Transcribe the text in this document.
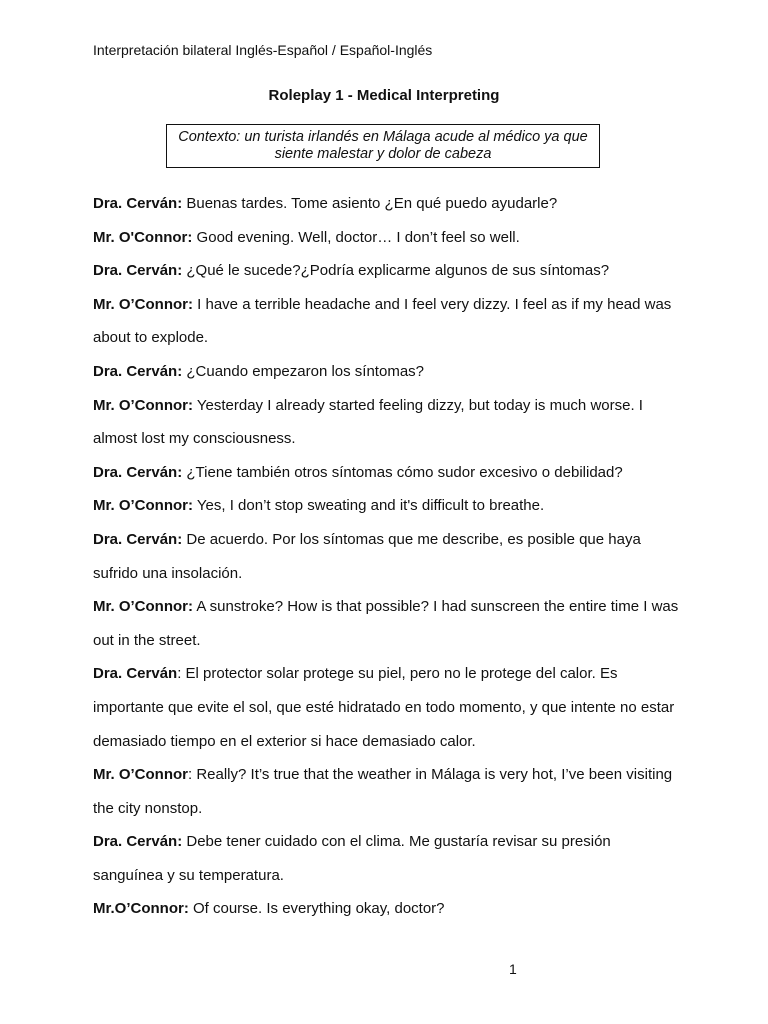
Interpretación bilateral Inglés-Español / Español-Inglés
Roleplay 1 - Medical Interpreting
Contexto: un turista irlandés en Málaga acude al médico ya que siente malestar y dolor de cabeza

Dra. Cerván: Buenas tardes. Tome asiento ¿En qué puedo ayudarle?

Mr. O'Connor: Good evening. Well, doctor… I don’t feel so well.

Dra. Cerván: ¿Qué le sucede?¿Podría explicarme algunos de sus síntomas?

Mr. O’Connor: I have a terrible headache and I feel very dizzy. I feel as if my head was about to explode.

Dra. Cerván: ¿Cuando empezaron los síntomas?

Mr. O’Connor: Yesterday I already started feeling dizzy, but today is much worse. I almost lost my consciousness.

Dra. Cerván: ¿Tiene también otros síntomas cómo sudor excesivo o debilidad?

Mr. O’Connor: Yes, I don’t stop sweating and it's difficult to breathe.

Dra. Cerván: De acuerdo. Por los síntomas que me describe, es posible que haya sufrido una insolación.

Mr. O’Connor: A sunstroke? How is that possible? I had sunscreen the entire time I was out in the street.

Dra. Cerván: El protector solar protege su piel, pero no le protege del calor. Es importante que evite el sol, que esté hidratado en todo momento, y que intente no estar demasiado tiempo en el exterior si hace demasiado calor.

Mr. O’Connor: Really? It’s true that the weather in Málaga is very hot, I’ve been visiting the city nonstop.

Dra. Cerván: Debe tener cuidado con el clima. Me gustaría revisar su presión sanguínea y su temperatura.

Mr.O’Connor: Of course. Is everything okay, doctor?

1
